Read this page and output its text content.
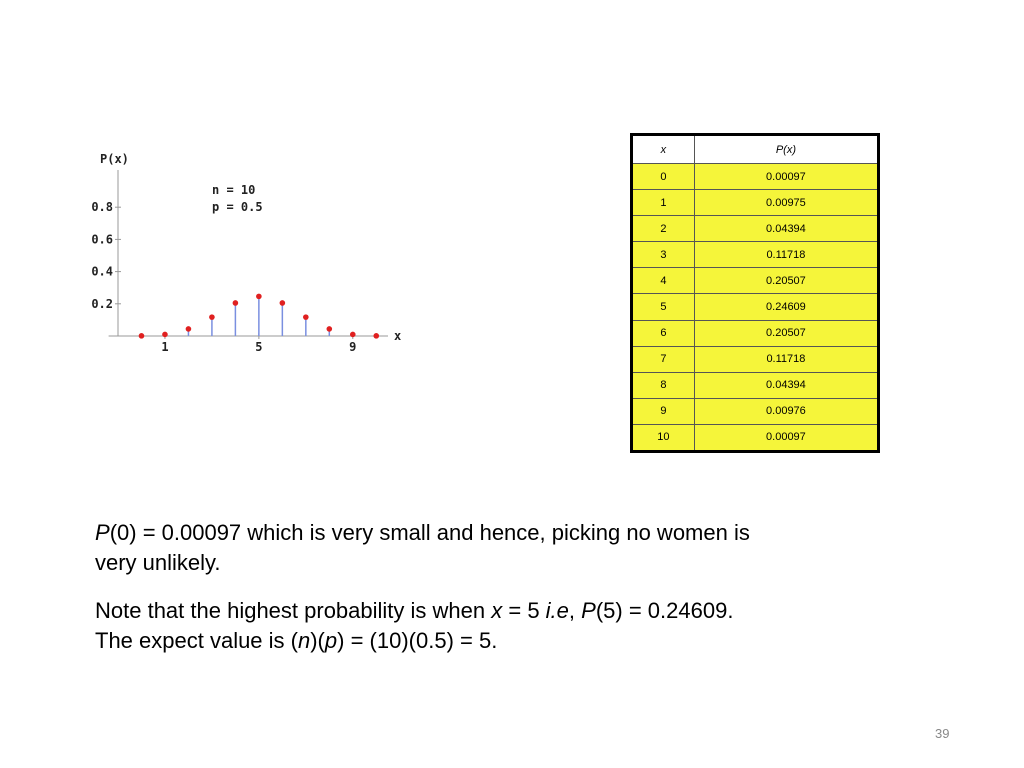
0.8
0.6
0.4
0.2
1	5	9
P(x)
x
n = 10
p = 0.5
x	P(x)
0	0.00097
1	0.00975
2	0.04394
3	0.11718
4	0.20507
5	0.24609
6	0.20507
7	0.11718
8	0.04394
9	0.00976
10	0.00097

P(0) = 0.00097 which is very small and hence, picking no women is very unlikely.

Note that the highest probability is when x = 5 i.e, P(5) = 0.24609. The expect value is (n)(p) = (10)(0.5) = 5.

39
